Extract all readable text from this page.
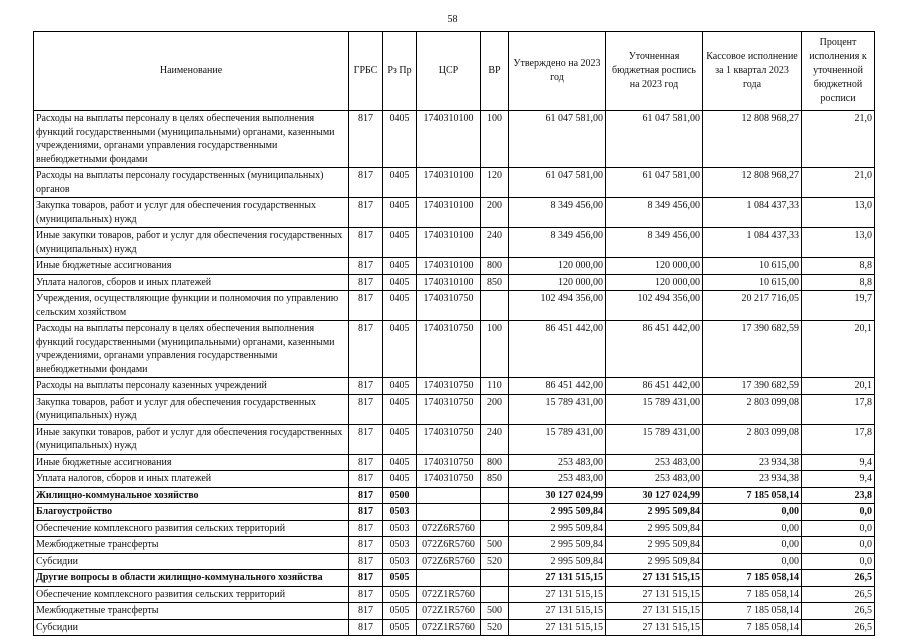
58
Наименование	ГРБС	Рз Пр	ЦСР	ВР	Утверждено на 2023 год	Уточненная бюджетная роспись на 2023 год	Кассовое исполнение за 1 квартал 2023 года	Процент исполнения к уточненной бюджетной росписи
Расходы на выплаты персоналу в целях обеспечения выполнения функций государственными (муниципальными) органами, казенными учреждениями, органами управления государственными внебюджетными фондами	817	0405	1740310100	100	61 047 581,00	61 047 581,00	12 808 968,27	21,0
Расходы на выплаты персоналу государственных (муниципальных) органов	817	0405	1740310100	120	61 047 581,00	61 047 581,00	12 808 968,27	21,0
Закупка товаров, работ и услуг для обеспечения государственных (муниципальных) нужд	817	0405	1740310100	200	8 349 456,00	8 349 456,00	1 084 437,33	13,0
Иные закупки товаров, работ и услуг для обеспечения государственных (муниципальных) нужд	817	0405	1740310100	240	8 349 456,00	8 349 456,00	1 084 437,33	13,0
Иные бюджетные ассигнования	817	0405	1740310100	800	120 000,00	120 000,00	10 615,00	8,8
Уплата налогов, сборов и иных платежей	817	0405	1740310100	850	120 000,00	120 000,00	10 615,00	8,8
Учреждения, осуществляющие функции и полномочия по управлению сельским хозяйством	817	0405	1740310750		102 494 356,00	102 494 356,00	20 217 716,05	19,7
Расходы на выплаты персоналу в целях обеспечения выполнения функций государственными (муниципальными) органами, казенными учреждениями, органами управления государственными внебюджетными фондами	817	0405	1740310750	100	86 451 442,00	86 451 442,00	17 390 682,59	20,1
Расходы на выплаты персоналу казенных учреждений	817	0405	1740310750	110	86 451 442,00	86 451 442,00	17 390 682,59	20,1
Закупка товаров, работ и услуг для обеспечения государственных (муниципальных) нужд	817	0405	1740310750	200	15 789 431,00	15 789 431,00	2 803 099,08	17,8
Иные закупки товаров, работ и услуг для обеспечения государственных (муниципальных) нужд	817	0405	1740310750	240	15 789 431,00	15 789 431,00	2 803 099,08	17,8
Иные бюджетные ассигнования	817	0405	1740310750	800	253 483,00	253 483,00	23 934,38	9,4
Уплата налогов, сборов и иных платежей	817	0405	1740310750	850	253 483,00	253 483,00	23 934,38	9,4
Жилищно-коммунальное хозяйство	817	0500			30 127 024,99	30 127 024,99	7 185 058,14	23,8
Благоустройство	817	0503			2 995 509,84	2 995 509,84	0,00	0,0
Обеспечение комплексного развития сельских территорий	817	0503	072Z6R5760		2 995 509,84	2 995 509,84	0,00	0,0
Межбюджетные трансферты	817	0503	072Z6R5760	500	2 995 509,84	2 995 509,84	0,00	0,0
Субсидии	817	0503	072Z6R5760	520	2 995 509,84	2 995 509,84	0,00	0,0
Другие вопросы в области жилищно-коммунального хозяйства	817	0505			27 131 515,15	27 131 515,15	7 185 058,14	26,5
Обеспечение комплексного развития сельских территорий	817	0505	072Z1R5760		27 131 515,15	27 131 515,15	7 185 058,14	26,5
Межбюджетные трансферты	817	0505	072Z1R5760	500	27 131 515,15	27 131 515,15	7 185 058,14	26,5
Субсидии	817	0505	072Z1R5760	520	27 131 515,15	27 131 515,15	7 185 058,14	26,5
